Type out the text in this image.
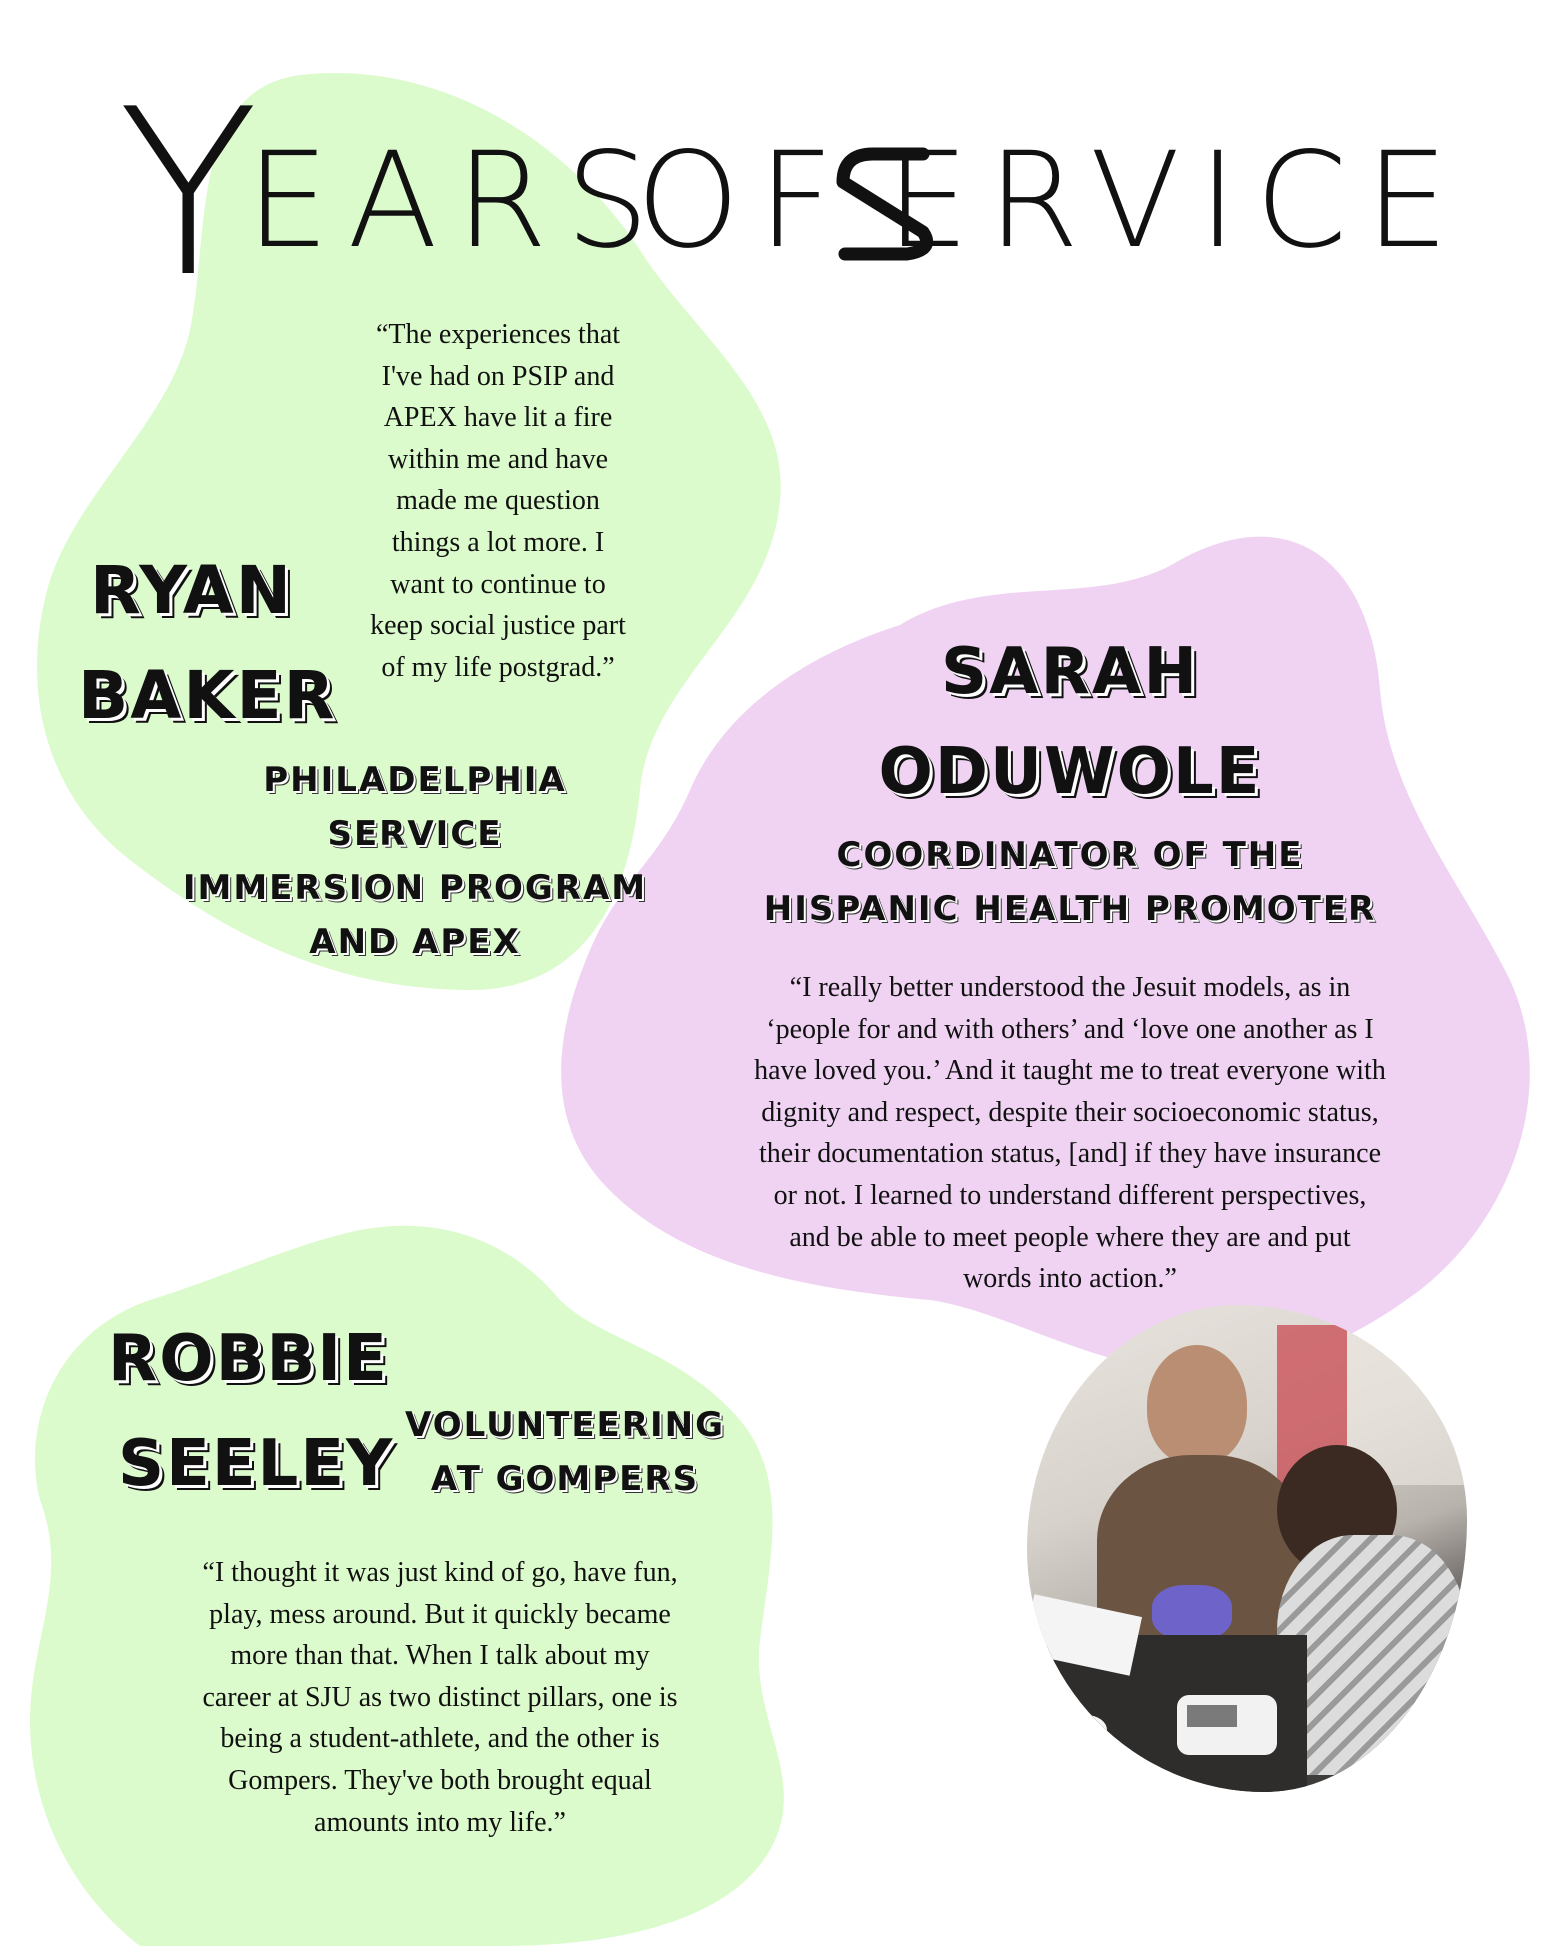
Y
EARS
OF ERVICE
RYAN
BAKER
“The experiences that
I've had on PSIP and
APEX have lit a fire
within me and have
made me question
things a lot more. I
want to continue to
keep social justice part
of my life postgrad.”
PHILADELPHIA SERVICE
IMMERSION PROGRAM
AND APEX
SARAH
ODUWOLE
COORDINATOR OF THE
HISPANIC HEALTH PROMOTER
“I really better understood the Jesuit models, as in
‘people for and with others’ and ‘love one another as I
have loved you.’ And it taught me to treat everyone with
dignity and respect, despite their socioeconomic status,
their documentation status, [and] if they have insurance
or not. I learned to understand different perspectives,
and be able to meet people where they are and put
words into action.”
ROBBIE
SEELEY
VOLUNTEERING
AT GOMPERS
“I thought it was just kind of go, have fun,
play, mess around. But it quickly became
more than that. When I talk about my
career at SJU as two distinct pillars, one is
being a student-athlete, and the other is
Gompers. They've both brought equal
amounts into my life.”
